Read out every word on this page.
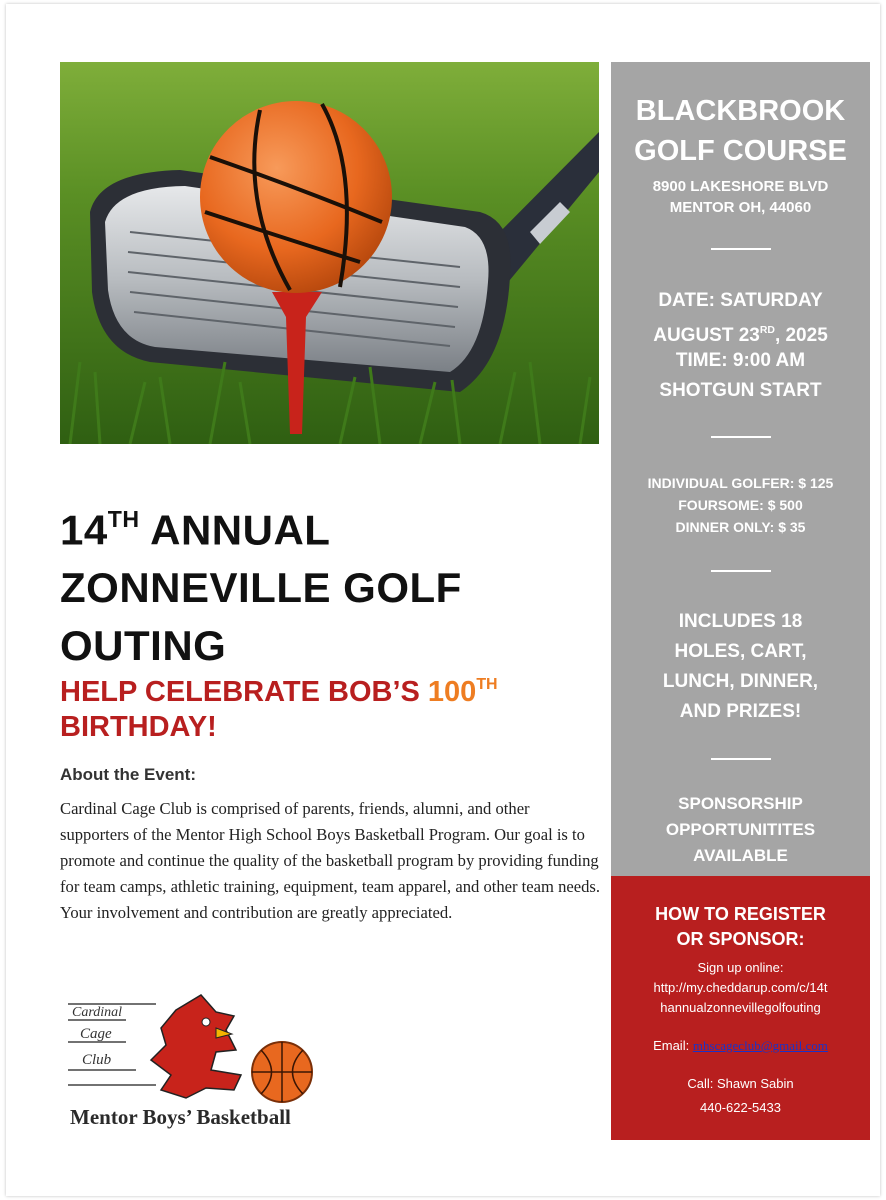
BLACKBROOK
GOLF COURSE
8900 LAKESHORE BLVD
MENTOR OH, 44060
DATE: SATURDAY
AUGUST 23RD, 2025
TIME: 9:00 AM
SHOTGUN START
INDIVIDUAL GOLFER: $ 125
FOURSOME: $ 500
DINNER ONLY: $ 35
INCLUDES 18
HOLES, CART,
LUNCH, DINNER,
AND PRIZES!
SPONSORSHIP
OPPORTUNITITES
AVAILABLE
HOW TO REGISTER
OR SPONSOR:
Sign up online:
http://my.cheddarup.com/c/14t
hannualzonnevillegolfouting
Email: mhscageclub@gmail.com
Call: Shawn Sabin
440-622-5433
14TH ANNUAL
ZONNEVILLE GOLF
OUTING
HELP CELEBRATE BOB’S 100TH
BIRTHDAY!
About the Event:
Cardinal Cage Club is comprised of parents, friends, alumni, and other supporters of the Mentor High School Boys Basketball Program. Our goal is to promote and continue the quality of the basketball program by providing funding for team camps, athletic training, equipment, team apparel, and other team needs. Your involvement and contribution are greatly appreciated.
Cardinal
Cage
Club
Mentor Boys’ Basketball
